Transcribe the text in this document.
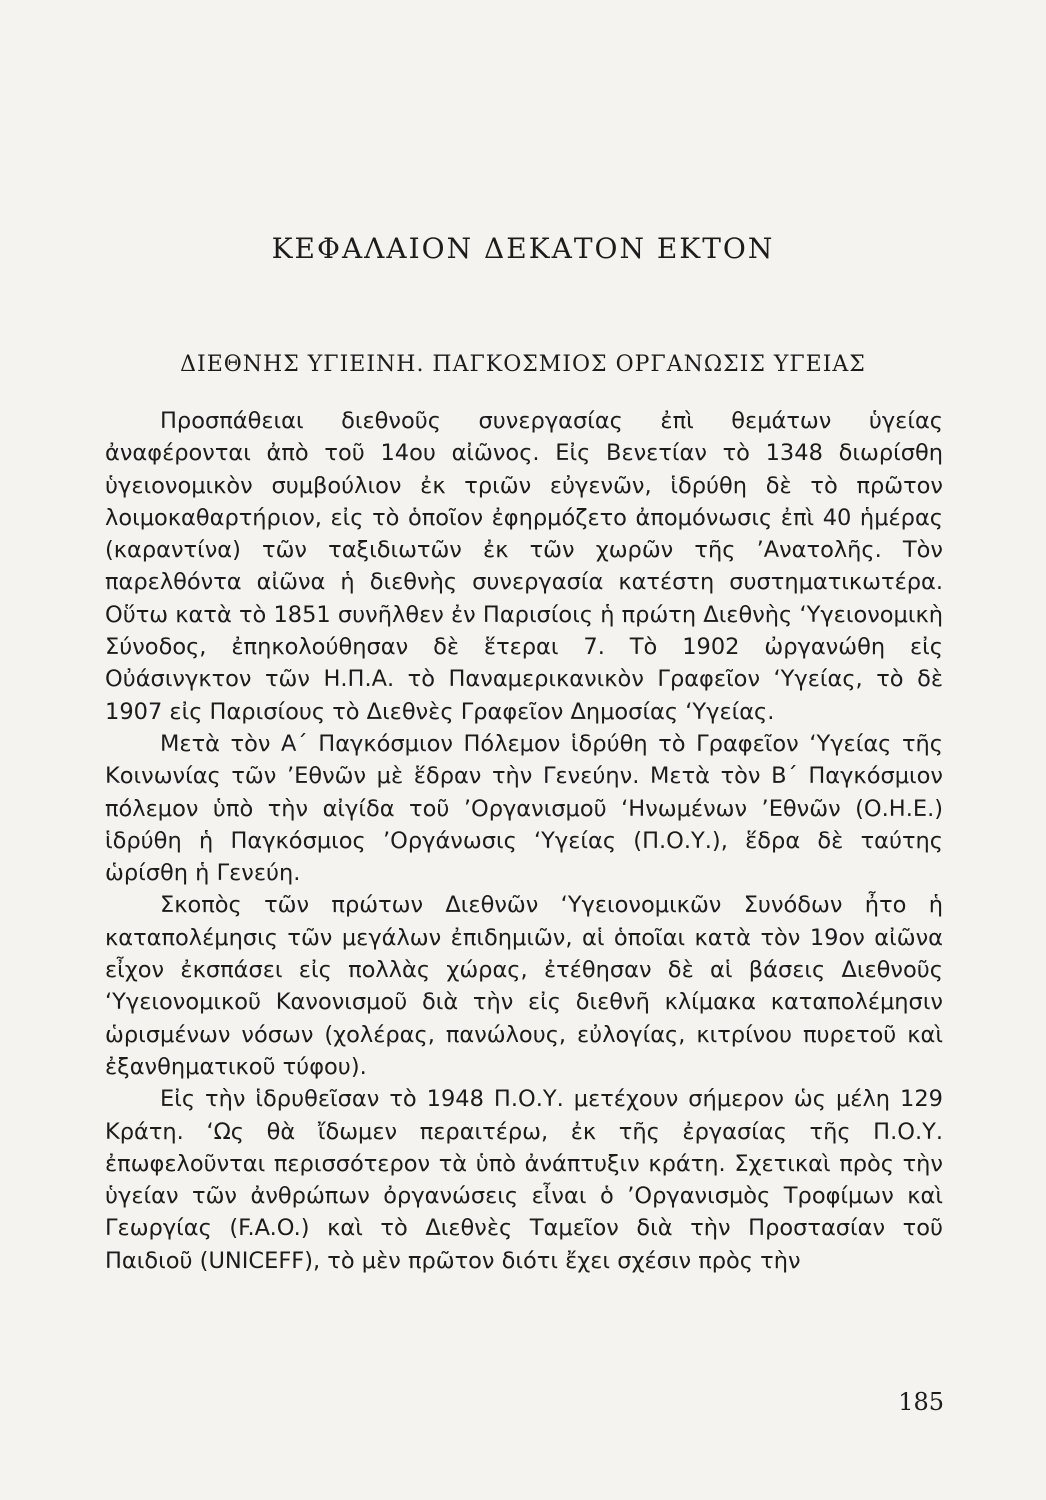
ΚΕΦΑΛΑΙΟΝ ΔΕΚΑΤΟΝ ΕΚΤΟΝ
ΔΙΕΘΝΗΣ ΥΓΙΕΙΝΗ. ΠΑΓΚΟΣΜΙΟΣ ΟΡΓΑΝΩΣΙΣ ΥΓΕΙΑΣ

Προσπάθειαι διεθνοῦς συνεργασίας ἐπὶ θεμάτων ὑγείας ἀναφέρονται ἀπὸ τοῦ 14ου αἰῶνος. Εἰς Βενετίαν τὸ 1348 διωρίσθη ὑγειονομικὸν συμβούλιον ἐκ τριῶν εὐγενῶν, ἱδρύθη δὲ τὸ πρῶτον λοιμοκαθαρτήριον, εἰς τὸ ὁποῖον ἐφηρμόζετο ἀπομόνωσις ἐπὶ 40 ἡμέρας (καραντίνα) τῶν ταξιδιωτῶν ἐκ τῶν χωρῶν τῆς ’Ανατολῆς. Τὸν παρελθόντα αἰῶνα ἡ διεθνὴς συνεργασία κατέστη συστηματικωτέρα. Οὕτω κατὰ τὸ 1851 συνῆλθεν ἐν Παρισίοις ἡ πρώτη Διεθνὴς ‘Υγειονομικὴ Σύνοδος, ἐπηκολούθησαν δὲ ἕτεραι 7. Τὸ 1902 ὠργανώθη εἰς Οὐάσινγκτον τῶν Η.Π.Α. τὸ Παναμερικανικὸν Γραφεῖον ‘Υγείας, τὸ δὲ 1907 εἰς Παρισίους τὸ Διεθνὲς Γραφεῖον Δημοσίας ‘Υγείας.

Μετὰ τὸν Α΄ Παγκόσμιον Πόλεμον ἱδρύθη τὸ Γραφεῖον ‘Υγείας τῆς Κοινωνίας τῶν ’Εθνῶν μὲ ἕδραν τὴν Γενεύην. Μετὰ τὸν Β΄ Παγκόσμιον πόλεμον ὑπὸ τὴν αἰγίδα τοῦ ’Οργανισμοῦ ‘Ηνωμένων ’Εθνῶν (Ο.Η.Ε.) ἱδρύθη ἡ Παγκόσμιος ’Οργάνωσις ‘Υγείας (Π.Ο.Υ.), ἕδρα δὲ ταύτης ὡρίσθη ἡ Γενεύη.

Σκοπὸς τῶν πρώτων Διεθνῶν ‘Υγειονομικῶν Συνόδων ἦτο ἡ καταπολέμησις τῶν μεγάλων ἐπιδημιῶν, αἱ ὁποῖαι κατὰ τὸν 19ον αἰῶνα εἶχον ἐκσπάσει εἰς πολλὰς χώρας, ἐτέθησαν δὲ αἱ βάσεις Διεθνοῦς ‘Υγειονομικοῦ Κανονισμοῦ διὰ τὴν εἰς διεθνῆ κλίμακα καταπολέμησιν ὡρισμένων νόσων (χολέρας, πανώλους, εὐλογίας, κιτρίνου πυρετοῦ καὶ ἐξανθηματικοῦ τύφου).

Εἰς τὴν ἱδρυθεῖσαν τὸ 1948 Π.Ο.Υ. μετέχουν σήμερον ὡς μέλη 129 Κράτη. ‘Ως θὰ ἴδωμεν περαιτέρω, ἐκ τῆς ἐργασίας τῆς Π.Ο.Υ. ἐπωφελοῦνται περισσότερον τὰ ὑπὸ ἀνάπτυξιν κράτη. Σχετικαὶ πρὸς τὴν ὑγείαν τῶν ἀνθρώπων ὀργανώσεις εἶναι ὁ ’Οργανισμὸς Τροφίμων καὶ Γεωργίας (F.A.O.) καὶ τὸ Διεθνὲς Ταμεῖον διὰ τὴν Προστασίαν τοῦ Παιδιοῦ (UNICEFF), τὸ μὲν πρῶτον διότι ἔχει σχέσιν πρὸς τὴν

185
